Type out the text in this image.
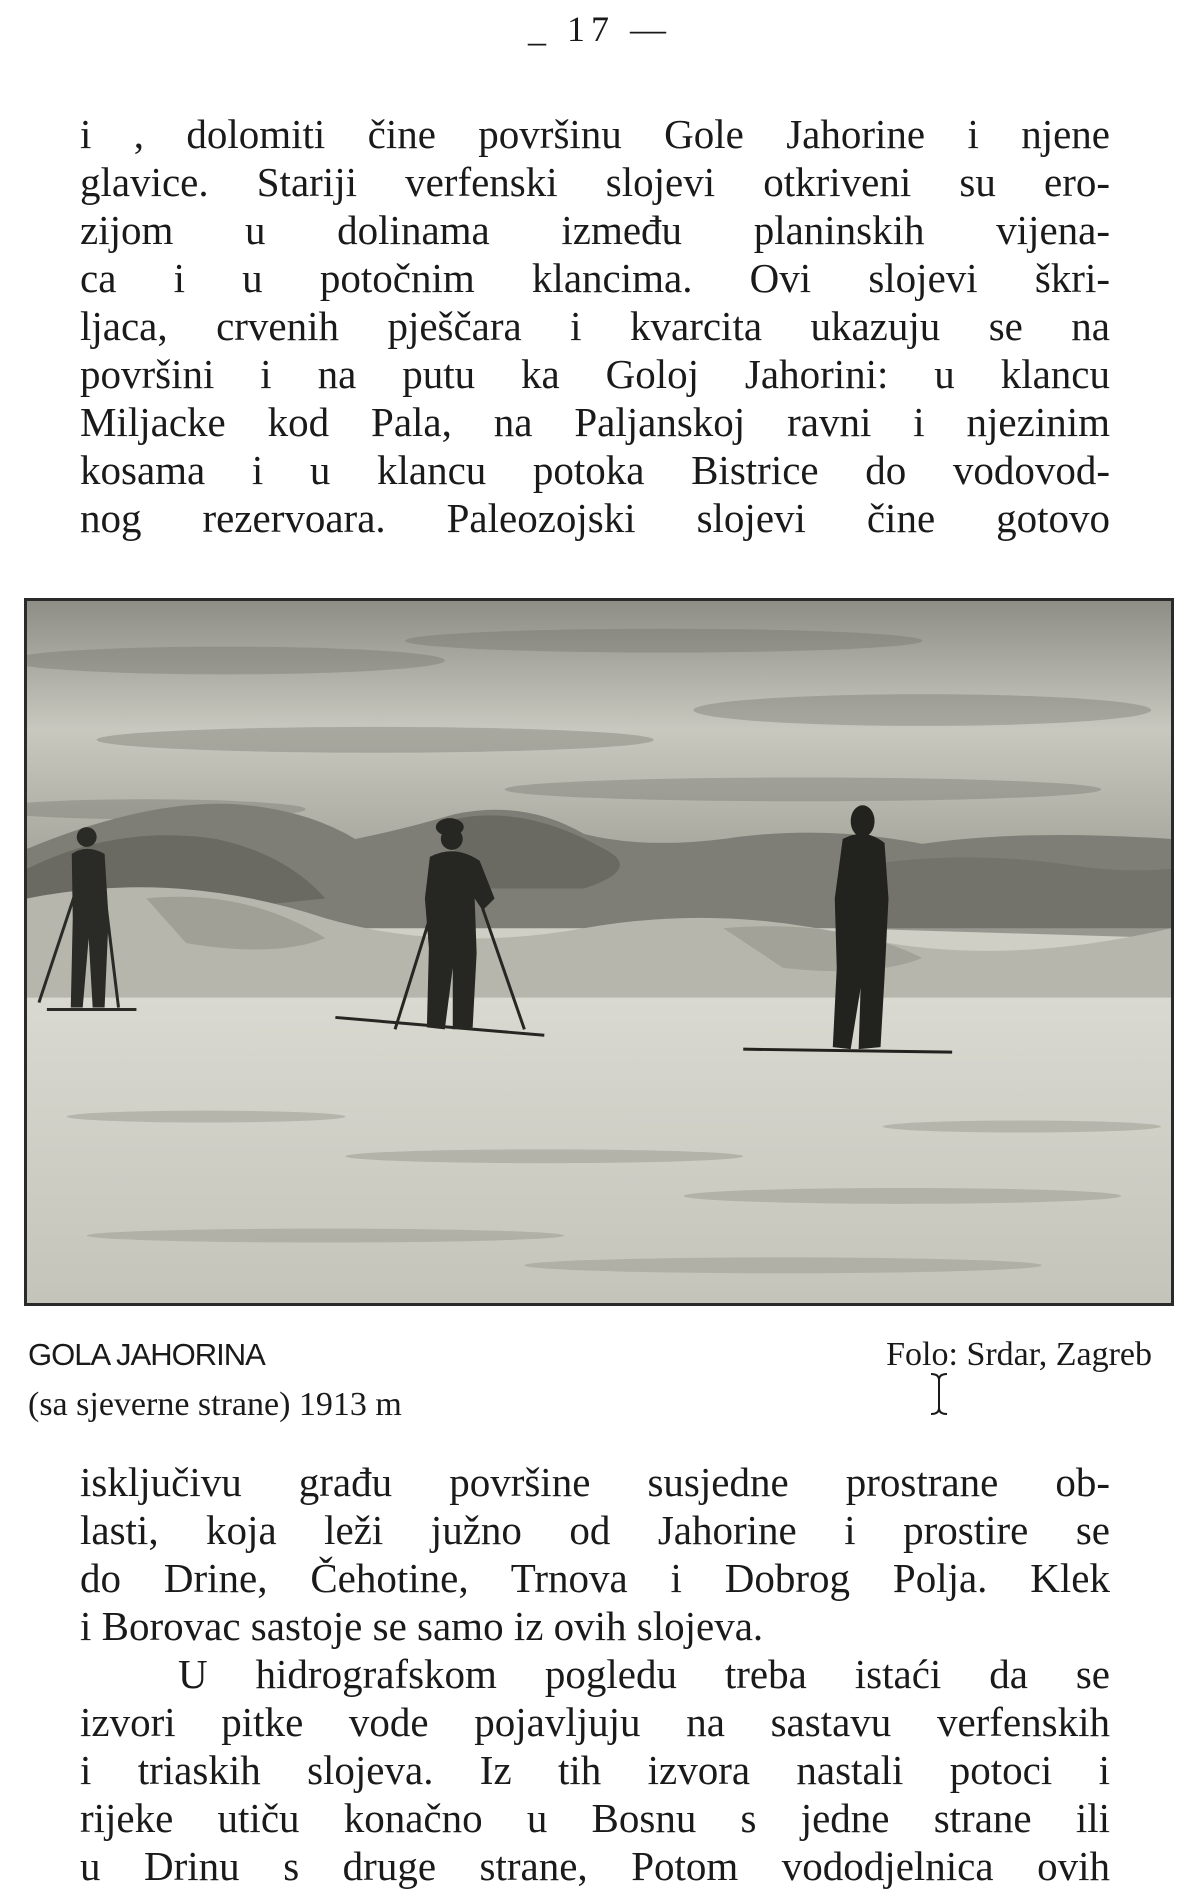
_ 17 —
i , dolomiti čine površinu Gole Jahorine i njene
glavice. Stariji verfenski slojevi otkriveni su ero-
zijom u dolinama između planinskih vijena-
ca i u potočnim klancima. Ovi slojevi škri-
ljaca, crvenih pješčara i kvarcita ukazuju se na
površini i na putu ka Goloj Jahorini: u klancu
Miljacke kod Pala, na Paljanskoj ravni i njezinim
kosama i u klancu potoka Bistrice do vodovod-
nog rezervoara. Paleozojski slojevi čine gotovo
GOLA JAHORINA
(sa sjeverne strane) 1913 m
Folo: Srdar, Zagreb
isključivu građu površine susjedne prostrane ob-
lasti, koja leži južno od Jahorine i prostire se
do Drine, Čehotine, Trnova i Dobrog Polja. Klek
i Borovac sastoje se samo iz ovih slojeva.
U hidrografskom pogledu treba istaći da se
izvori pitke vode pojavljuju na sastavu verfenskih
i triaskih slojeva. Iz tih izvora nastali potoci i
rijeke utiču konačno u Bosnu s jedne strane ili
u Drinu s druge strane, Potom vododjelnica ovih
